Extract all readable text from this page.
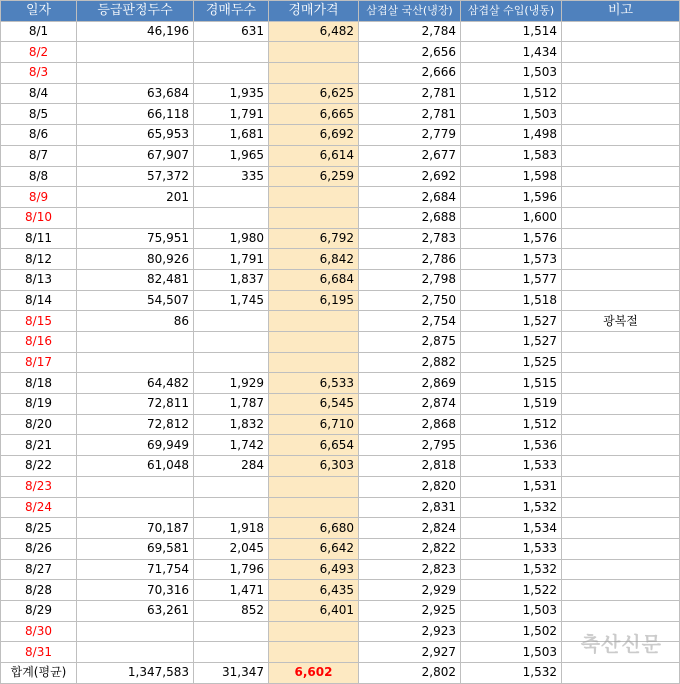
일자	등급판정두수	경매두수	경매가격	삼겹살 국산(냉장)	삼겹살 수입(냉동)	비고
8/1	46,196	631	6,482	2,784	1,514	
8/2				2,656	1,434	
8/3				2,666	1,503	
8/4	63,684	1,935	6,625	2,781	1,512	
8/5	66,118	1,791	6,665	2,781	1,503	
8/6	65,953	1,681	6,692	2,779	1,498	
8/7	67,907	1,965	6,614	2,677	1,583	
8/8	57,372	335	6,259	2,692	1,598	
8/9	201			2,684	1,596	
8/10				2,688	1,600	
8/11	75,951	1,980	6,792	2,783	1,576	
8/12	80,926	1,791	6,842	2,786	1,573	
8/13	82,481	1,837	6,684	2,798	1,577	
8/14	54,507	1,745	6,195	2,750	1,518	
8/15	86			2,754	1,527	광복절
8/16				2,875	1,527	
8/17				2,882	1,525	
8/18	64,482	1,929	6,533	2,869	1,515	
8/19	72,811	1,787	6,545	2,874	1,519	
8/20	72,812	1,832	6,710	2,868	1,512	
8/21	69,949	1,742	6,654	2,795	1,536	
8/22	61,048	284	6,303	2,818	1,533	
8/23				2,820	1,531	
8/24				2,831	1,532	
8/25	70,187	1,918	6,680	2,824	1,534	
8/26	69,581	2,045	6,642	2,822	1,533	
8/27	71,754	1,796	6,493	2,823	1,532	
8/28	70,316	1,471	6,435	2,929	1,522	
8/29	63,261	852	6,401	2,925	1,503	
8/30				2,923	1,502	
8/31				2,927	1,503	
합계(평균)	1,347,583	31,347	6,602	2,802	1,532	
축산신문
